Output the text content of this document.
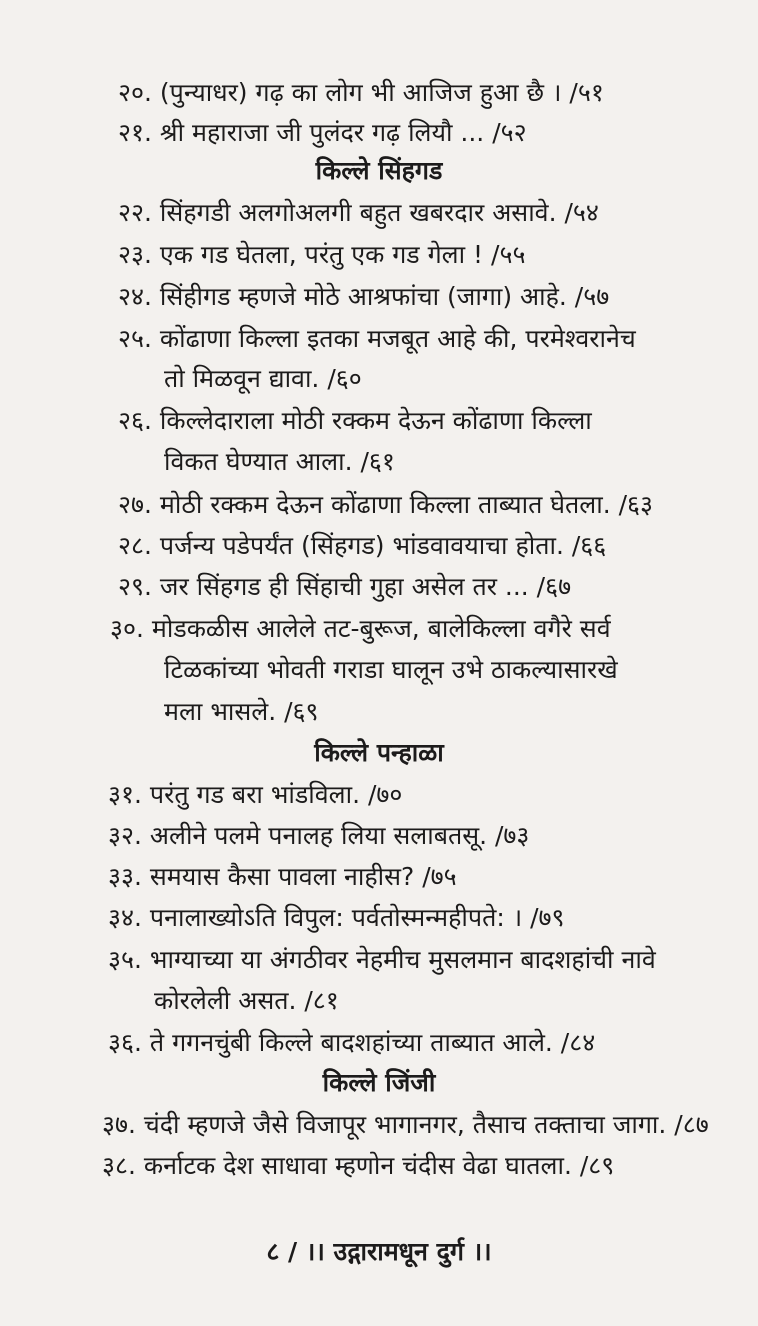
२०. (पुन्याधर) गढ़ का लोग भी आजिज हुआ छै । /५१
२१. श्री महाराजा जी पुलंदर गढ़ लियौ ... /५२
किल्ले सिंहगड
२२. सिंहगडी अलगोअलगी बहुत खबरदार असावे. /५४
२३. एक गड घेतला, परंतु एक गड गेला ! /५५
२४. सिंहीगड म्हणजे मोठे आश्रफांचा (जागा) आहे. /५७
२५. कोंढाणा किल्ला इतका मजबूत आहे की, परमेश्वरानेच
तो मिळवून द्यावा. /६०
२६. किल्लेदाराला मोठी रक्कम देऊन कोंढाणा किल्ला
विकत घेण्यात आला. /६१
२७. मोठी रक्कम देऊन कोंढाणा किल्ला ताब्यात घेतला. /६३
२८. पर्जन्य पडेपर्यंत (सिंहगड) भांडवावयाचा होता. /६६
२९. जर सिंहगड ही सिंहाची गुहा असेल तर ... /६७
३०. मोडकळीस आलेले तट-बुरूज, बालेकिल्ला वगैरे सर्व
टिळकांच्या भोवती गराडा घालून उभे ठाकल्यासारखे
मला भासले. /६९
किल्ले पन्हाळा
३१. परंतु गड बरा भांडविला. /७०
३२. अलीने पलमे पनालह लिया सलाबतसू. /७३
३३. समयास कैसा पावला नाहीस? /७५
३४. पनालाख्योऽति विपुल: पर्वतोस्मन्महीपते: । /७९
३५. भाग्याच्या या अंगठीवर नेहमीच मुसलमान बादशहांची नावे
कोरलेली असत. /८१
३६. ते गगनचुंबी किल्ले बादशहांच्या ताब्यात आले. /८४
किल्ले जिंजी
३७. चंदी म्हणजे जैसे विजापूर भागानगर, तैसाच तक्ताचा जागा. /८७
३८. कर्नाटक देश साधावा म्हणोन चंदीस वेढा घातला. /८९
८ / ।। उद्गारामधून दुर्ग ।।
